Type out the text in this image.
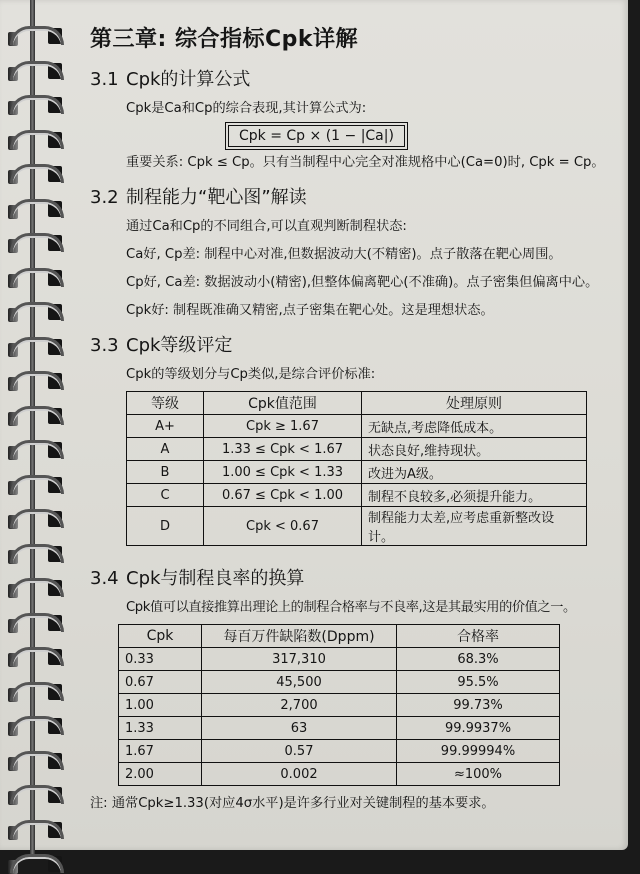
第三章: 综合指标Cpk详解
3.1 Cpk的计算公式
Cpk是Ca和Cp的综合表现,其计算公式为:
Cpk = Cp × (1 − |Ca|)
重要关系: Cpk ≤ Cp。只有当制程中心完全对准规格中心(Ca=0)时, Cpk = Cp。
3.2 制程能力“靶心图”解读
通过Ca和Cp的不同组合,可以直观判断制程状态:
Ca好, Cp差: 制程中心对准,但数据波动大(不精密)。点子散落在靶心周围。
Cp好, Ca差: 数据波动小(精密),但整体偏离靶心(不准确)。点子密集但偏离中心。
Cpk好: 制程既准确又精密,点子密集在靶心处。这是理想状态。
3.3 Cpk等级评定
Cpk的等级划分与Cp类似,是综合评价标准:
等级	Cpk值范围	处理原则
A+	Cpk ≥ 1.67	无缺点,考虑降低成本。
A	1.33 ≤ Cpk < 1.67	状态良好,维持现状。
B	1.00 ≤ Cpk < 1.33	改进为A级。
C	0.67 ≤ Cpk < 1.00	制程不良较多,必须提升能力。
D	Cpk < 0.67	制程能力太差,应考虑重新整改设计。
3.4 Cpk与制程良率的换算
Cpk值可以直接推算出理论上的制程合格率与不良率,这是其最实用的价值之一。
Cpk	每百万件缺陷数(Dppm)	合格率
0.33	317,310	68.3%
0.67	45,500	95.5%
1.00	2,700	99.73%
1.33	63	99.9937%
1.67	0.57	99.99994%
2.00	0.002	≈100%
注: 通常Cpk≥1.33(对应4σ水平)是许多行业对关键制程的基本要求。
